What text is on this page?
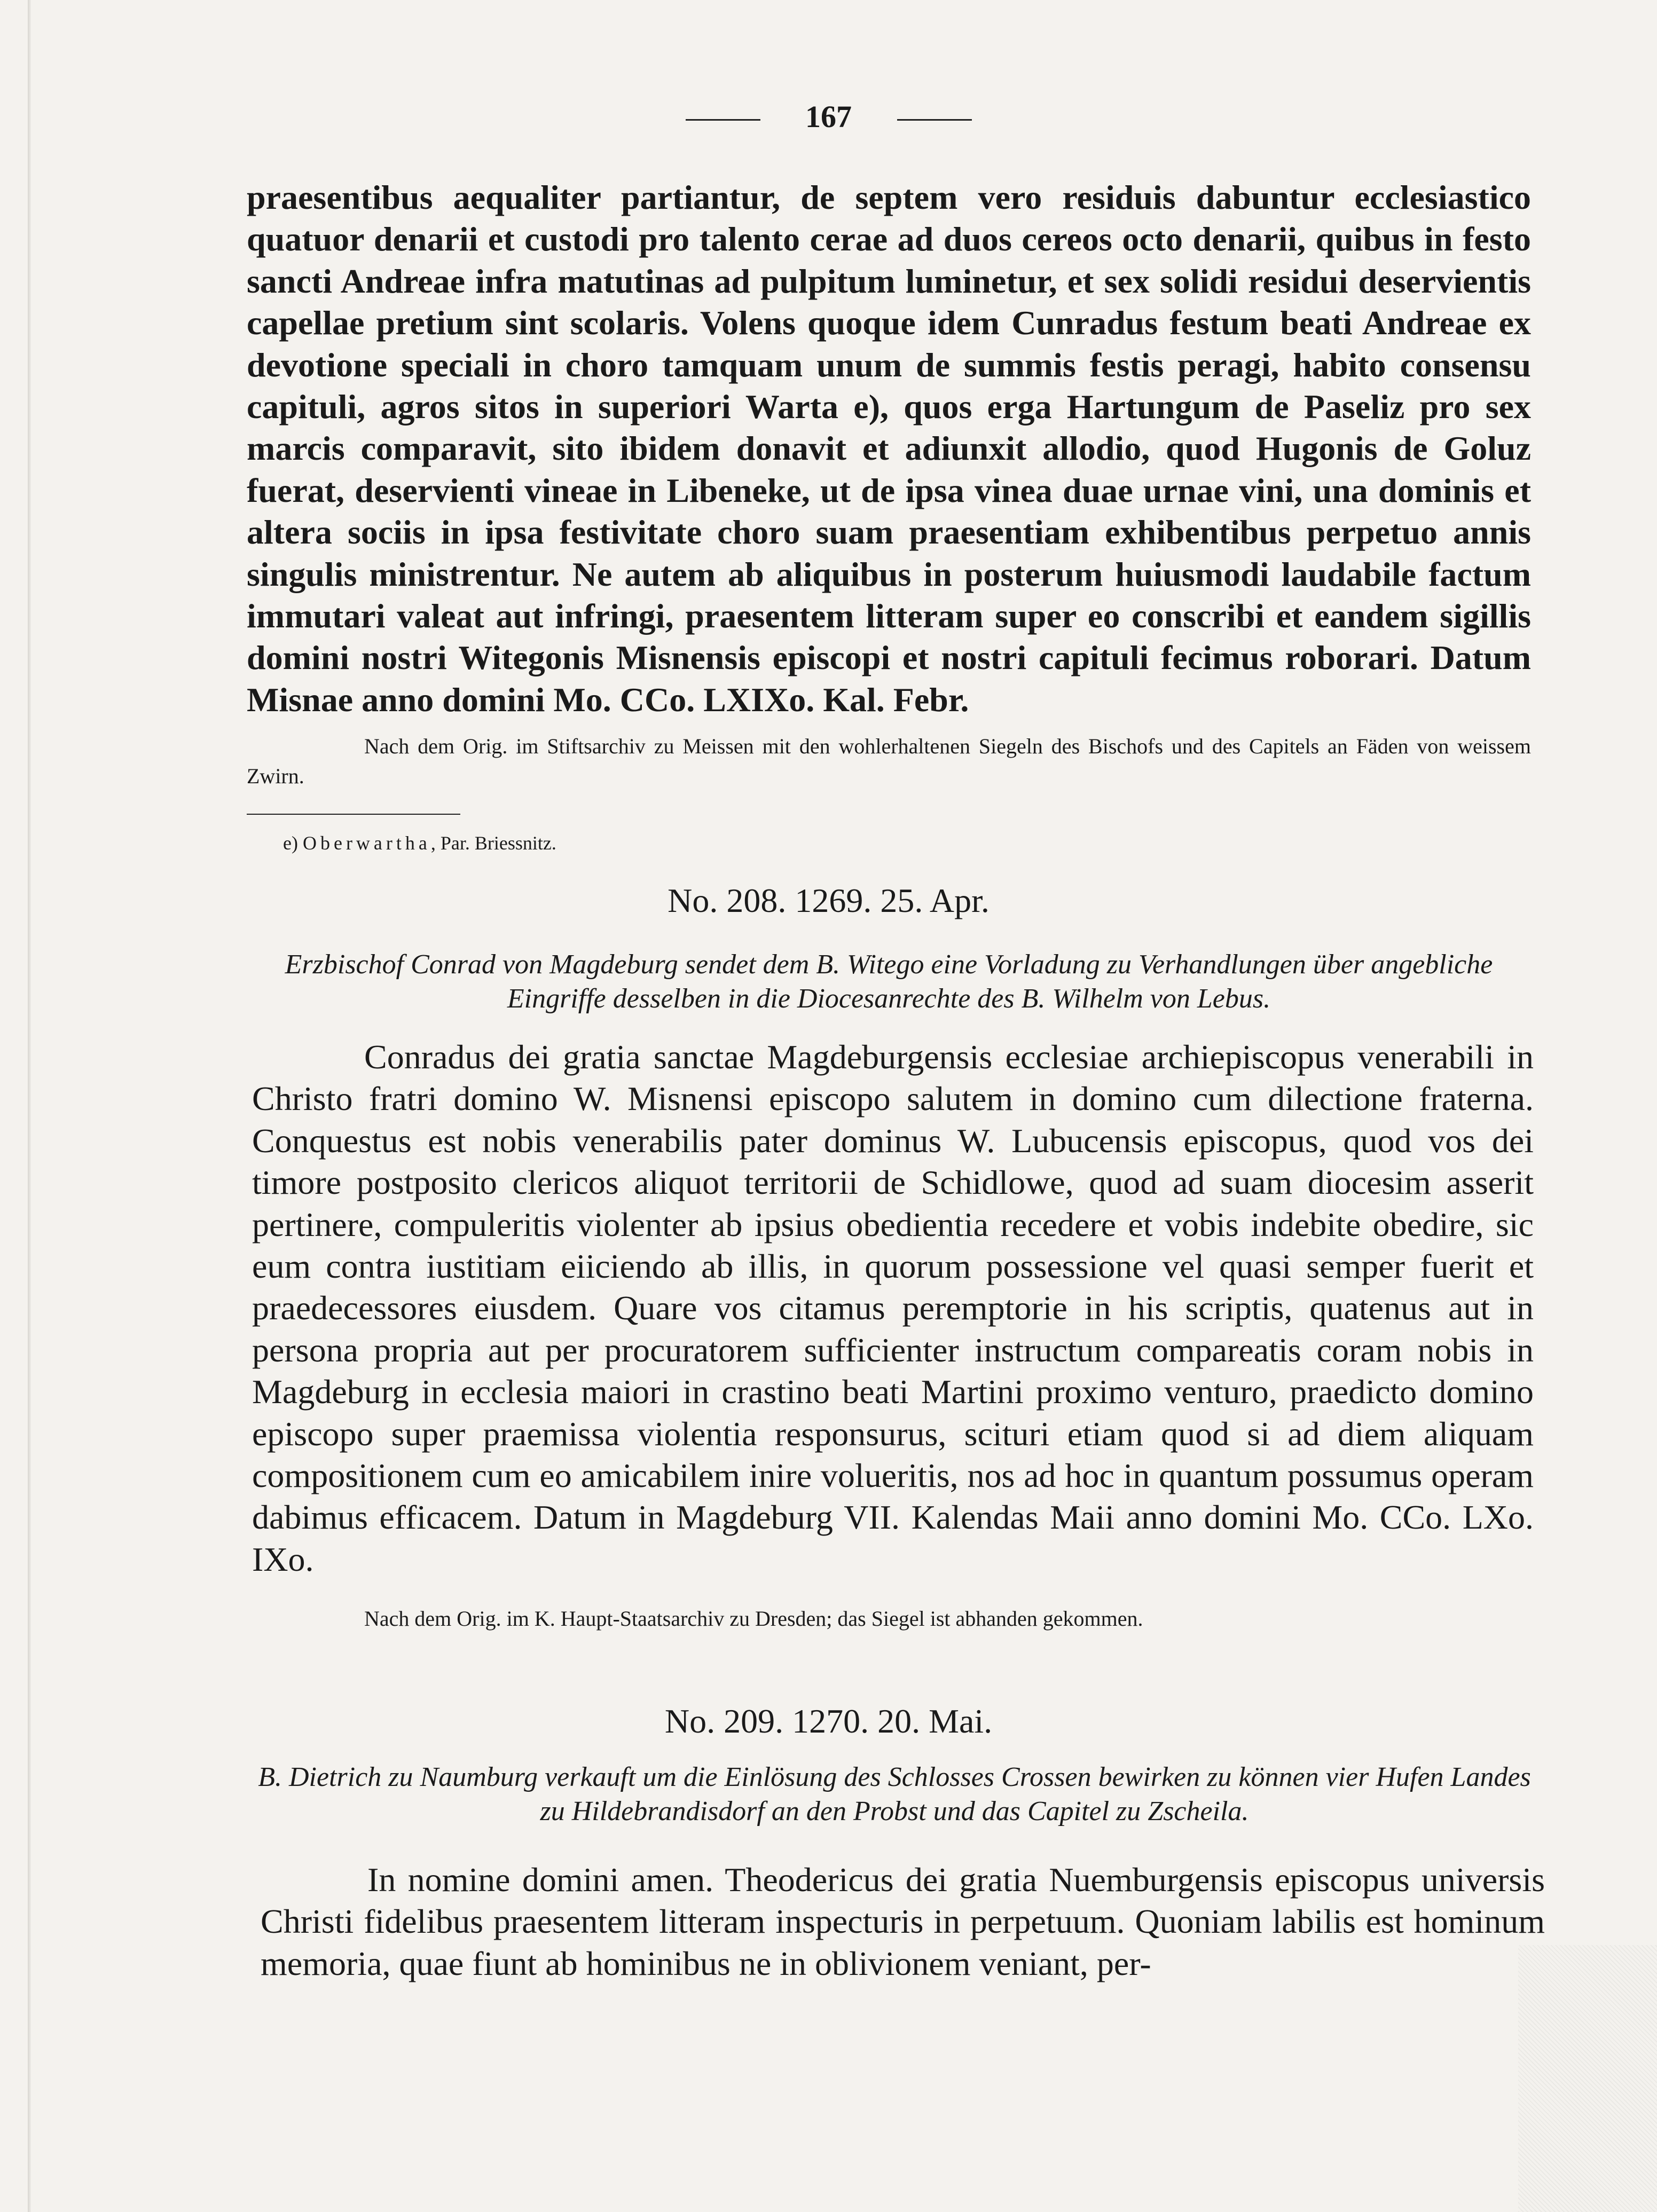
167
praesentibus aequaliter partiantur, de septem vero residuis dabuntur ecclesiastico quatuor denarii et custodi pro talento cerae ad duos cereos octo denarii, quibus in festo sancti Andreae infra matutinas ad pulpitum luminetur, et sex solidi residui deservientis capellae pretium sint scolaris. Volens quoque idem Cunradus festum beati Andreae ex devotione speciali in choro tamquam unum de summis festis peragi, habito consensu capituli, agros sitos in superiori Warta e), quos erga Hartungum de Paseliz pro sex marcis comparavit, sito ibidem donavit et adiunxit allodio, quod Hugonis de Goluz fuerat, deservienti vineae in Libeneke, ut de ipsa vinea duae urnae vini, una dominis et altera sociis in ipsa festivitate choro suam praesentiam exhibentibus perpetuo annis singulis ministrentur. Ne autem ab aliquibus in posterum huiusmodi laudabile factum immutari valeat aut infringi, praesentem litteram super eo conscribi et eandem sigillis domini nostri Witegonis Misnensis episcopi et nostri capituli fecimus roborari. Datum Misnae anno domini Mo. CCo. LXIXo. Kal. Febr.
Nach dem Orig. im Stiftsarchiv zu Meissen mit den wohlerhaltenen Siegeln des Bischofs und des Capitels an Fäden von weissem Zwirn.
e) Oberwartha, Par. Briessnitz.
No. 208. 1269. 25. Apr.
Erzbischof Conrad von Magdeburg sendet dem B. Witego eine Vorladung zu Verhandlungen über angebliche Eingriffe desselben in die Diocesanrechte des B. Wilhelm von Lebus.
Conradus dei gratia sanctae Magdeburgensis ecclesiae archiepiscopus venerabili in Christo fratri domino W. Misnensi episcopo salutem in domino cum dilectione fraterna. Conquestus est nobis venerabilis pater dominus W. Lubucensis episcopus, quod vos dei timore postposito clericos aliquot territorii de Schidlowe, quod ad suam diocesim asserit pertinere, compuleritis violenter ab ipsius obedientia recedere et vobis indebite obedire, sic eum contra iustitiam eiiciendo ab illis, in quorum possessione vel quasi semper fuerit et praedecessores eiusdem. Quare vos citamus peremptorie in his scriptis, quatenus aut in persona propria aut per procuratorem sufficienter instructum compareatis coram nobis in Magdeburg in ecclesia maiori in crastino beati Martini proximo venturo, praedicto domino episcopo super praemissa violentia responsurus, scituri etiam quod si ad diem aliquam compositionem cum eo amicabilem inire volueritis, nos ad hoc in quantum possumus operam dabimus efficacem. Datum in Magdeburg VII. Kalendas Maii anno domini Mo. CCo. LXo. IXo.
Nach dem Orig. im K. Haupt-Staatsarchiv zu Dresden; das Siegel ist abhanden gekommen.
No. 209. 1270. 20. Mai.
B. Dietrich zu Naumburg verkauft um die Einlösung des Schlosses Crossen bewirken zu können vier Hufen Landes zu Hildebrandisdorf an den Probst und das Capitel zu Zscheila.
In nomine domini amen. Theodericus dei gratia Nuemburgensis episcopus universis Christi fidelibus praesentem litteram inspecturis in perpetuum. Quoniam labilis est hominum memoria, quae fiunt ab hominibus ne in oblivionem veniant, per-
